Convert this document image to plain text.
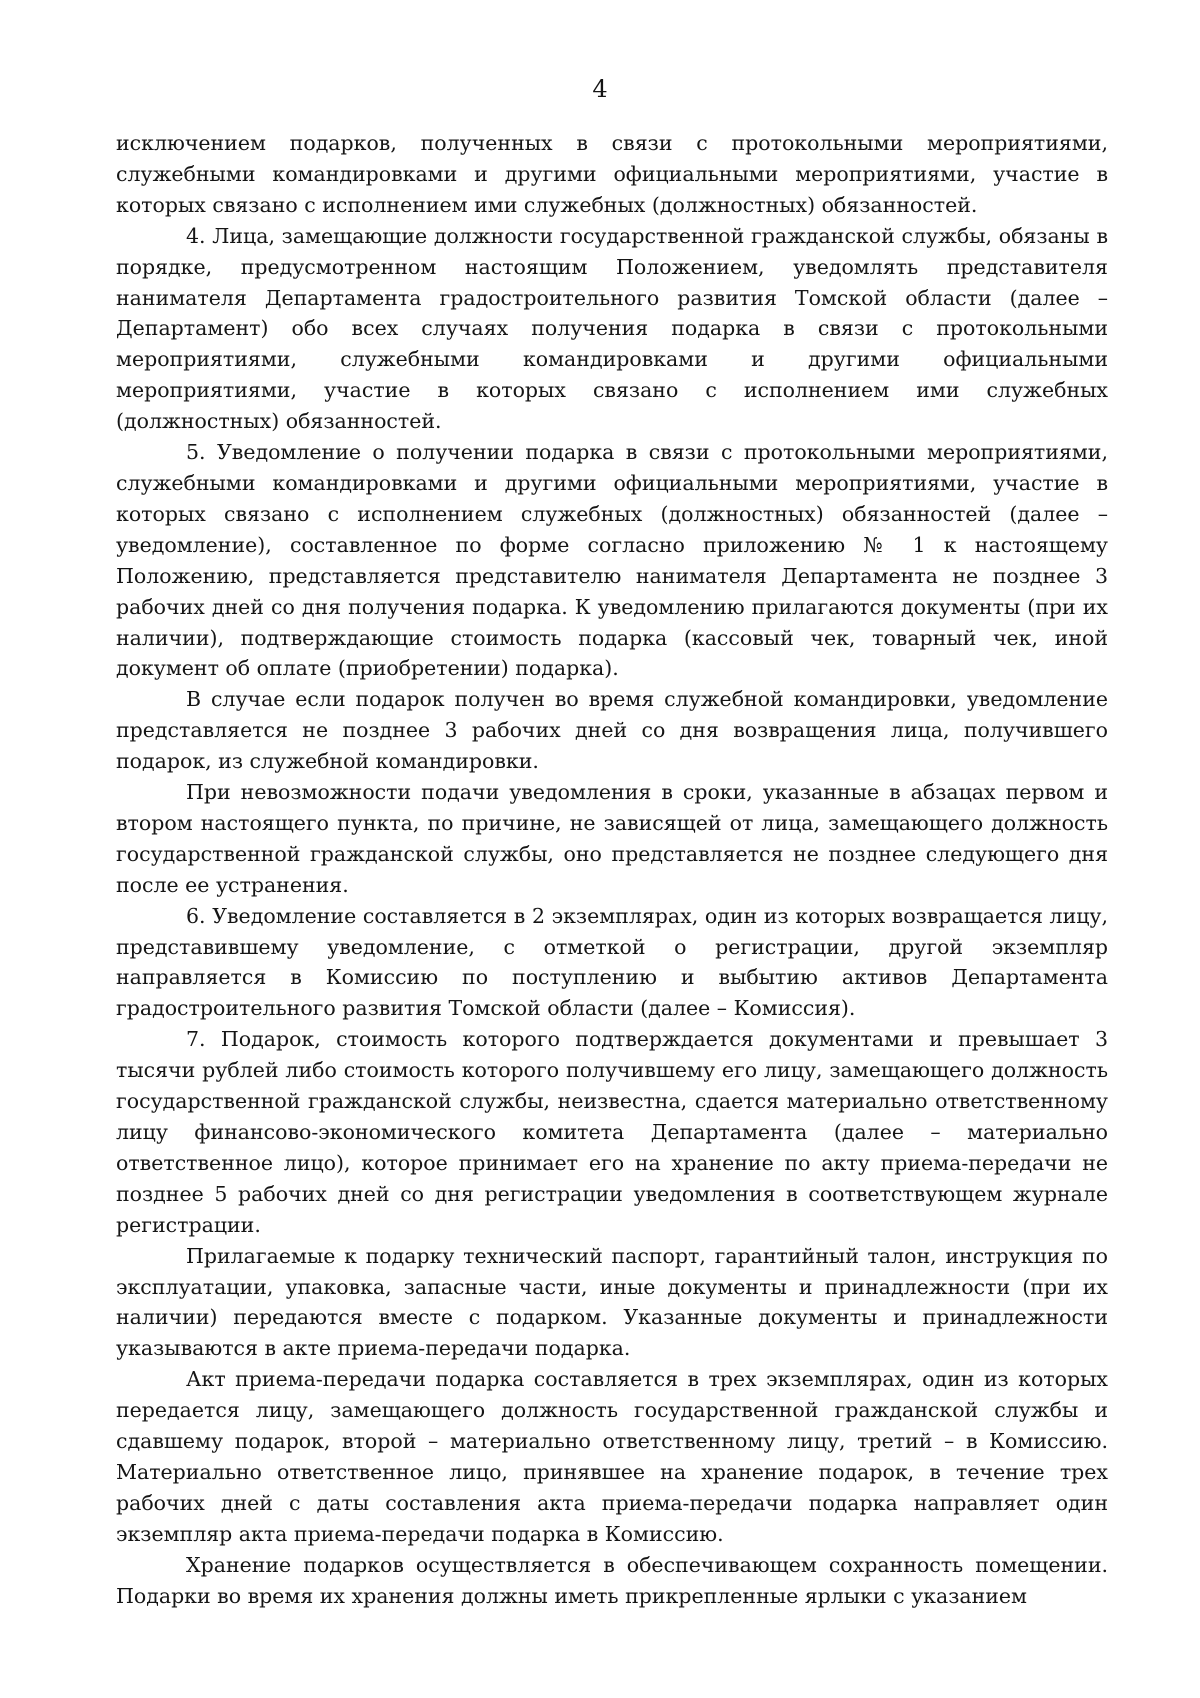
4

исключением подарков, полученных в связи с протокольными мероприятиями, служебными командировками и другими официальными мероприятиями, участие в которых связано с исполнением ими служебных (должностных) обязанностей.

4. Лица, замещающие должности государственной гражданской службы, обязаны в порядке, предусмотренном настоящим Положением, уведомлять представителя нанимателя Департамента градостроительного развития Томской области (далее – Департамент) обо всех случаях получения подарка в связи с протокольными мероприятиями, служебными командировками и другими официальными мероприятиями, участие в которых связано с исполнением ими служебных (должностных) обязанностей.

5. Уведомление о получении подарка в связи с протокольными мероприятиями, служебными командировками и другими официальными мероприятиями, участие в которых связано с исполнением служебных (должностных) обязанностей (далее – уведомление), составленное по форме согласно приложению № 1 к настоящему Положению, представляется представителю нанимателя Департамента не позднее 3 рабочих дней со дня получения подарка. К уведомлению прилагаются документы (при их наличии), подтверждающие стоимость подарка (кассовый чек, товарный чек, иной документ об оплате (приобретении) подарка).

В случае если подарок получен во время служебной командировки, уведомление представляется не позднее 3 рабочих дней со дня возвращения лица, получившего подарок, из служебной командировки.

При невозможности подачи уведомления в сроки, указанные в абзацах первом и втором настоящего пункта, по причине, не зависящей от лица, замещающего должность государственной гражданской службы, оно представляется не позднее следующего дня после ее устранения.

6. Уведомление составляется в 2 экземплярах, один из которых возвращается лицу, представившему уведомление, с отметкой о регистрации, другой экземпляр направляется в Комиссию по поступлению и выбытию активов Департамента градостроительного развития Томской области (далее – Комиссия).

7. Подарок, стоимость которого подтверждается документами и превышает 3 тысячи рублей либо стоимость которого получившему его лицу, замещающего должность государственной гражданской службы, неизвестна, сдается материально ответственному лицу финансово-экономического комитета Департамента (далее – материально ответственное лицо), которое принимает его на хранение по акту приема-передачи не позднее 5 рабочих дней со дня регистрации уведомления в соответствующем журнале регистрации.

Прилагаемые к подарку технический паспорт, гарантийный талон, инструкция по эксплуатации, упаковка, запасные части, иные документы и принадлежности (при их наличии) передаются вместе с подарком. Указанные документы и принадлежности указываются в акте приема-передачи подарка.

Акт приема-передачи подарка составляется в трех экземплярах, один из которых передается лицу, замещающего должность государственной гражданской службы и сдавшему подарок, второй – материально ответственному лицу, третий – в Комиссию. Материально ответственное лицо, принявшее на хранение подарок, в течение трех рабочих дней с даты составления акта приема-передачи подарка направляет один экземпляр акта приема-передачи подарка в Комиссию.

Хранение подарков осуществляется в обеспечивающем сохранность помещении. Подарки во время их хранения должны иметь прикрепленные ярлыки с указанием
